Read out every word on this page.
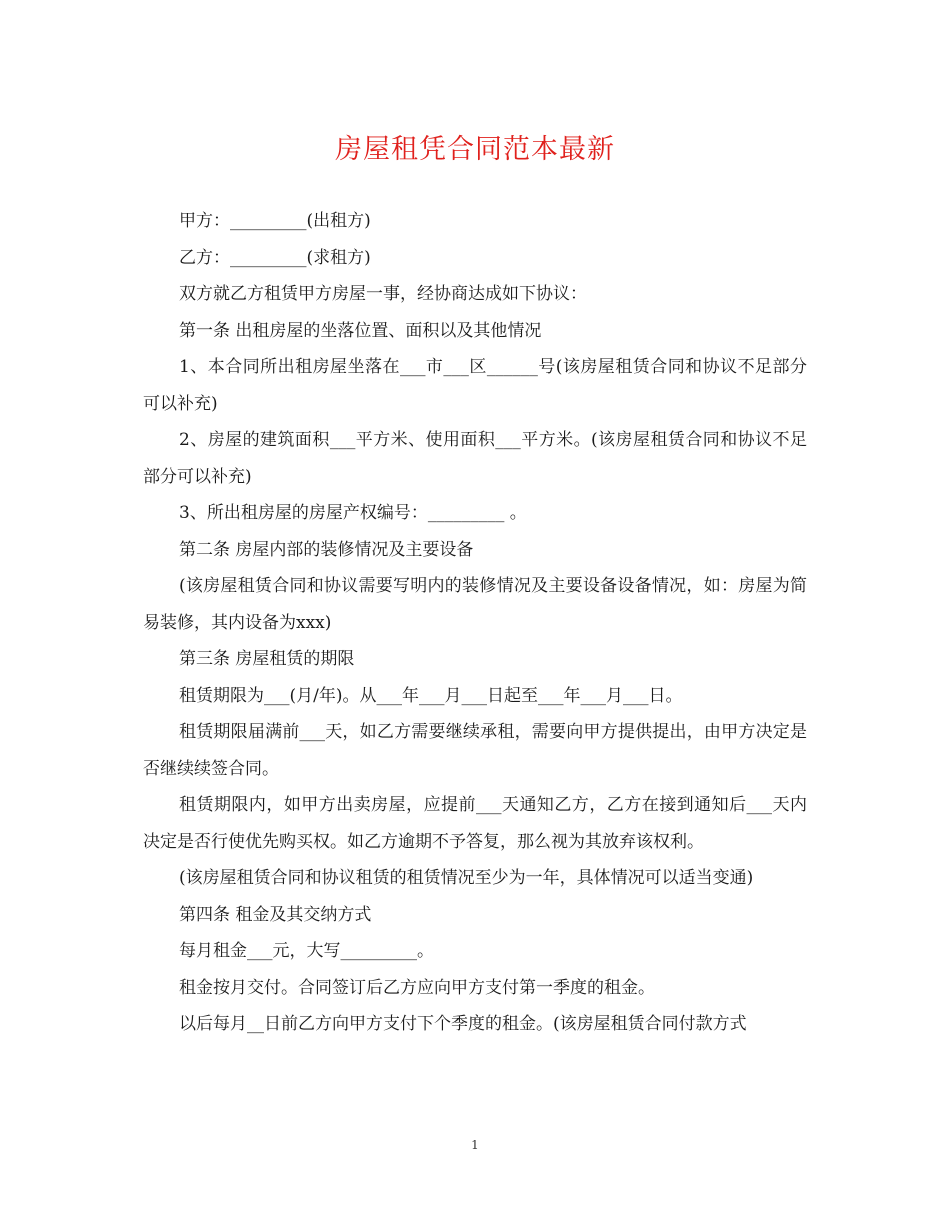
房屋租凭合同范本最新

甲方：_________(出租方)

乙方：_________(求租方)

双方就乙方租赁甲方房屋一事，经协商达成如下协议：

第一条 出租房屋的坐落位置、面积以及其他情况

1、本合同所出租房屋坐落在___市___区______号(该房屋租赁合同和协议不足部分可以补充)

2、房屋的建筑面积___平方米、使用面积___平方米。(该房屋租赁合同和协议不足部分可以补充)

3、所出租房屋的房屋产权编号：_________ 。

第二条 房屋内部的装修情况及主要设备

(该房屋租赁合同和协议需要写明内的装修情况及主要设备设备情况，如：房屋为简易装修，其内设备为xxx)

第三条 房屋租赁的期限

租赁期限为___(月/年)。从___年___月___日起至___年___月___日。

租赁期限届满前___天，如乙方需要继续承租，需要向甲方提供提出，由甲方决定是否继续续签合同。

租赁期限内，如甲方出卖房屋，应提前___天通知乙方，乙方在接到通知后___天内决定是否行使优先购买权。如乙方逾期不予答复，那么视为其放弃该权利。

(该房屋租赁合同和协议租赁的租赁情况至少为一年，具体情况可以适当变通)

第四条 租金及其交纳方式

每月租金___元，大写_________。

租金按月交付。合同签订后乙方应向甲方支付第一季度的租金。

以后每月__日前乙方向甲方支付下个季度的租金。(该房屋租赁合同付款方式

1
